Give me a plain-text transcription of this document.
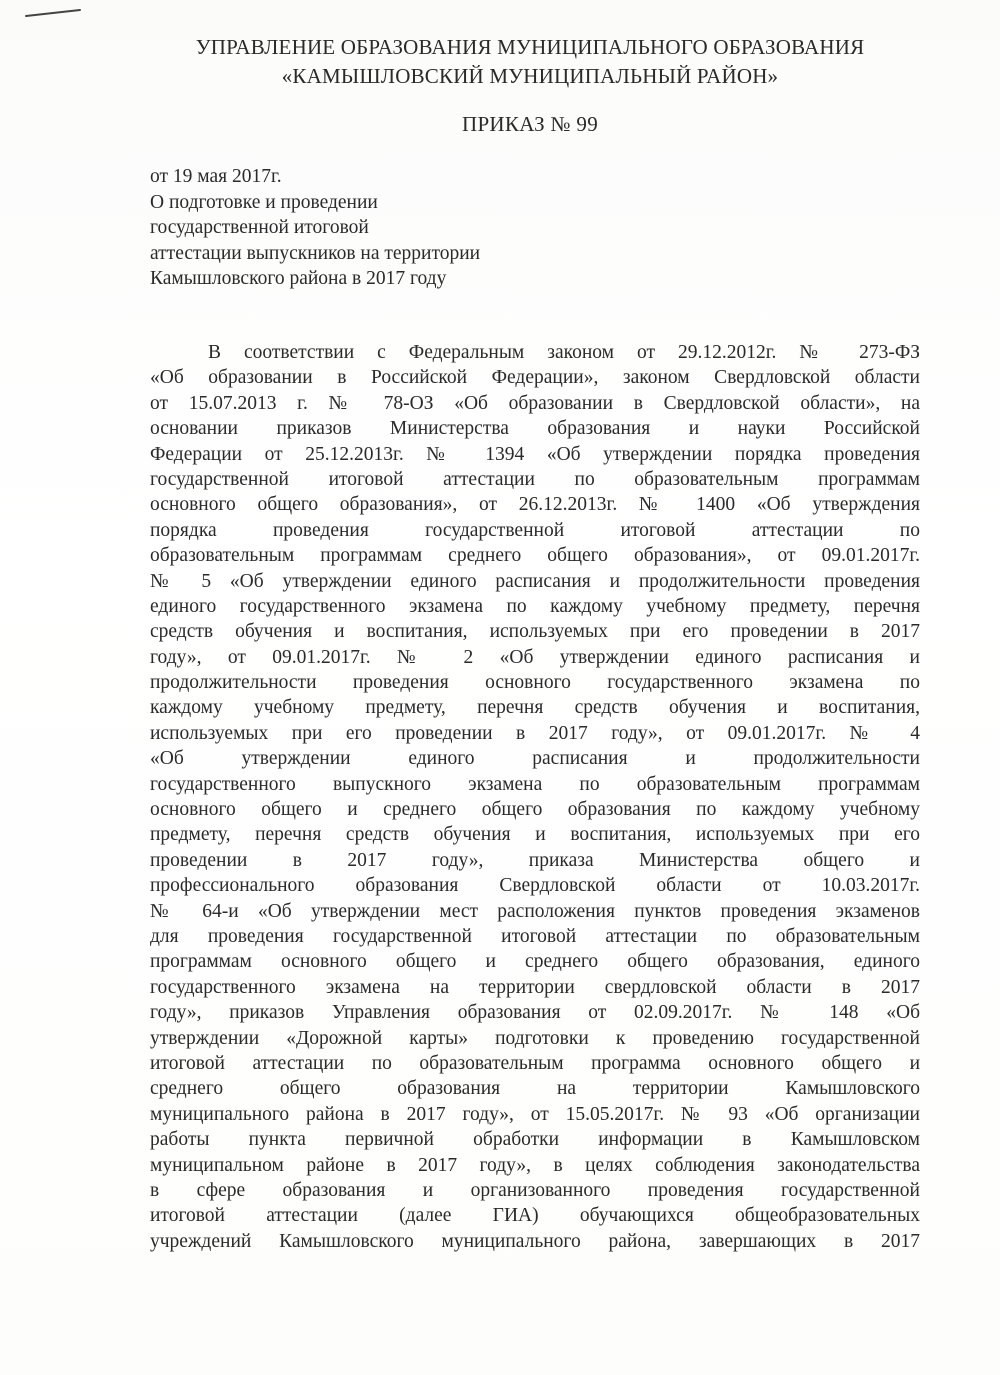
УПРАВЛЕНИЕ ОБРАЗОВАНИЯ МУНИЦИПАЛЬНОГО ОБРАЗОВАНИЯ
«КАМЫШЛОВСКИЙ МУНИЦИПАЛЬНЫЙ РАЙОН»
ПРИКАЗ № 99
от 19 мая 2017г.
О подготовке и проведении
государственной итоговой
аттестации выпускников на территории
Камышловского района в 2017 году
В соответствии с Федеральным законом от 29.12.2012г. № 273-ФЗ
«Об образовании в Российской Федерации», законом Свердловской области
от 15.07.2013 г. № 78-ОЗ «Об образовании в Свердловской области», на
основании приказов Министерства образования и науки Российской
Федерации от 25.12.2013г. № 1394 «Об утверждении порядка проведения
государственной итоговой аттестации по образовательным программам
основного общего образования», от 26.12.2013г. № 1400 «Об утверждения
порядка проведения государственной итоговой аттестации по
образовательным программам среднего общего образования», от 09.01.2017г.
№ 5 «Об утверждении единого расписания и продолжительности проведения
единого государственного экзамена по каждому учебному предмету, перечня
средств обучения и воспитания, используемых при его проведении в 2017
году», от 09.01.2017г. № 2 «Об утверждении единого расписания и
продолжительности проведения основного государственного экзамена по
каждому учебному предмету, перечня средств обучения и воспитания,
используемых при его проведении в 2017 году», от 09.01.2017г. № 4
«Об утверждении единого расписания и продолжительности
государственного выпускного экзамена по образовательным программам
основного общего и среднего общего образования по каждому учебному
предмету, перечня средств обучения и воспитания, используемых при его
проведении в 2017 году», приказа Министерства общего и
профессионального образования Свердловской области от 10.03.2017г.
№ 64-и «Об утверждении мест расположения пунктов проведения экзаменов
для проведения государственной итоговой аттестации по образовательным
программам основного общего и среднего общего образования, единого
государственного экзамена на территории свердловской области в 2017
году», приказов Управления образования от 02.09.2017г. № 148 «Об
утверждении «Дорожной карты» подготовки к проведению государственной
итоговой аттестации по образовательным программа основного общего и
среднего общего образования на территории Камышловского
муниципального района в 2017 году», от 15.05.2017г. № 93 «Об организации
работы пункта первичной обработки информации в Камышловском
муниципальном районе в 2017 году», в целях соблюдения законодательства
в сфере образования и организованного проведения государственной
итоговой аттестации (далее ГИА) обучающихся общеобразовательных
учреждений Камышловского муниципального района, завершающих в 2017
